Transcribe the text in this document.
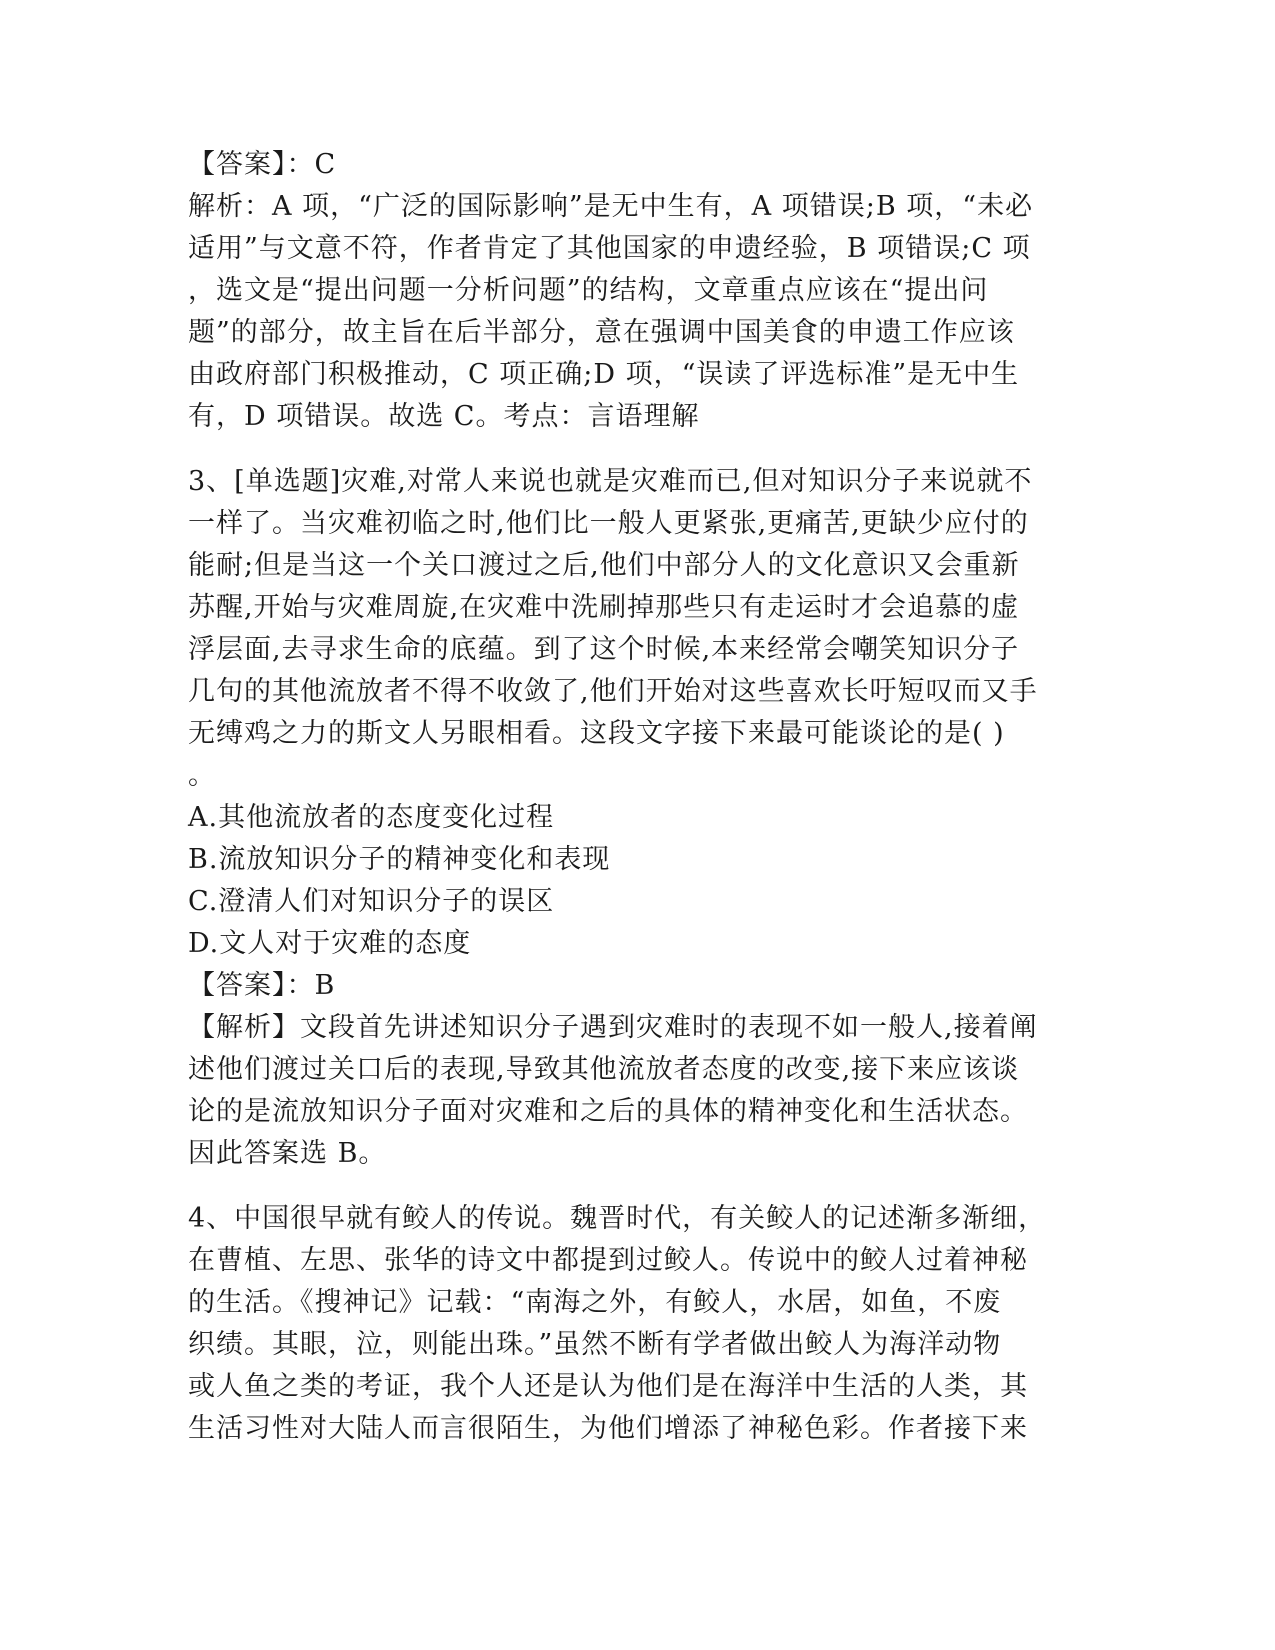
【答案】：C
解析：A 项，“广泛的国际影响”是无中生有，A 项错误;B 项，“未必
适用”与文意不符，作者肯定了其他国家的申遗经验，B 项错误;C 项
，选文是“提出问题一分析问题”的结构，文章重点应该在“提出问
题”的部分，故主旨在后半部分，意在强调中国美食的申遗工作应该
由政府部门积极推动，C 项正确;D 项，“误读了评选标准”是无中生
有，D 项错误。故选 C。考点：言语理解
3、[单选题]灾难,对常人来说也就是灾难而已,但对知识分子来说就不
一样了。当灾难初临之时,他们比一般人更紧张,更痛苦,更缺少应付的
能耐;但是当这一个关口渡过之后,他们中部分人的文化意识又会重新
苏醒,开始与灾难周旋,在灾难中洗刷掉那些只有走运时才会追慕的虚
浮层面,去寻求生命的底蕴。到了这个时候,本来经常会嘲笑知识分子
几句的其他流放者不得不收敛了,他们开始对这些喜欢长吁短叹而又手
无缚鸡之力的斯文人另眼相看。这段文字接下来最可能谈论的是( )
。
A.其他流放者的态度变化过程
B.流放知识分子的精神变化和表现
C.澄清人们对知识分子的误区
D.文人对于灾难的态度
【答案】：B
【解析】文段首先讲述知识分子遇到灾难时的表现不如一般人,接着阐
述他们渡过关口后的表现,导致其他流放者态度的改变,接下来应该谈
论的是流放知识分子面对灾难和之后的具体的精神变化和生活状态。
因此答案选 B。
4、中国很早就有鲛人的传说。魏晋时代，有关鲛人的记述渐多渐细，
在曹植、左思、张华的诗文中都提到过鲛人。传说中的鲛人过着神秘
的生活。《搜神记》记载：“南海之外，有鲛人，水居，如鱼，不废
织绩。其眼，泣，则能出珠。”虽然不断有学者做出鲛人为海洋动物
或人鱼之类的考证，我个人还是认为他们是在海洋中生活的人类，其
生活习性对大陆人而言很陌生，为他们增添了神秘色彩。作者接下来
